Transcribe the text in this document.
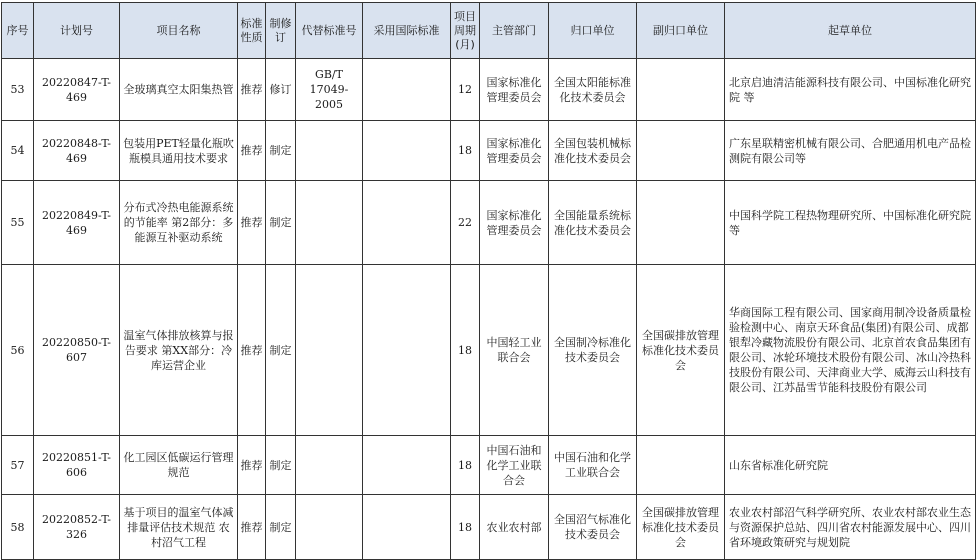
序号	计划号	项目名称	标准性质	制修订	代替标准号	采用国际标准	项目周期(月)	主管部门	归口单位	副归口单位	起草单位
53	20220847-T-469	全玻璃真空太阳集热管	推荐	修订	GB/T 17049-2005		12	国家标准化管理委员会	全国太阳能标准化技术委员会		北京启迪清洁能源科技有限公司、中国标准化研究院 等
54	20220848-T-469	包装用PET轻量化瓶吹瓶模具通用技术要求	推荐	制定			18	国家标准化管理委员会	全国包装机械标准化技术委员会		广东星联精密机械有限公司、合肥通用机电产品检测院有限公司等
55	20220849-T-469	分布式冷热电能源系统的节能率 第2部分：多能源互补驱动系统	推荐	制定			22	国家标准化管理委员会	全国能量系统标准化技术委员会		中国科学院工程热物理研究所、中国标准化研究院 等
56	20220850-T-607	温室气体排放核算与报告要求 第XX部分：冷库运营企业	推荐	制定			18	中国轻工业联合会	全国制冷标准化技术委员会	全国碳排放管理标准化技术委员会	华商国际工程有限公司、国家商用制冷设备质量检验检测中心、南京天环食品(集团)有限公司、成都银犁冷藏物流股份有限公司、北京首农食品集团有限公司、冰轮环境技术股份有限公司、冰山冷热科技股份有限公司、天津商业大学、威海云山科技有限公司、江苏晶雪节能科技股份有限公司
57	20220851-T-606	化工园区低碳运行管理规范	推荐	制定			18	中国石油和化学工业联合会	中国石油和化学工业联合会		山东省标准化研究院
58	20220852-T-326	基于项目的温室气体减排量评估技术规范 农村沼气工程	推荐	制定			18	农业农村部	全国沼气标准化技术委员会	全国碳排放管理标准化技术委员会	农业农村部沼气科学研究所、农业农村部农业生态与资源保护总站、四川省农村能源发展中心、四川省环境政策研究与规划院
